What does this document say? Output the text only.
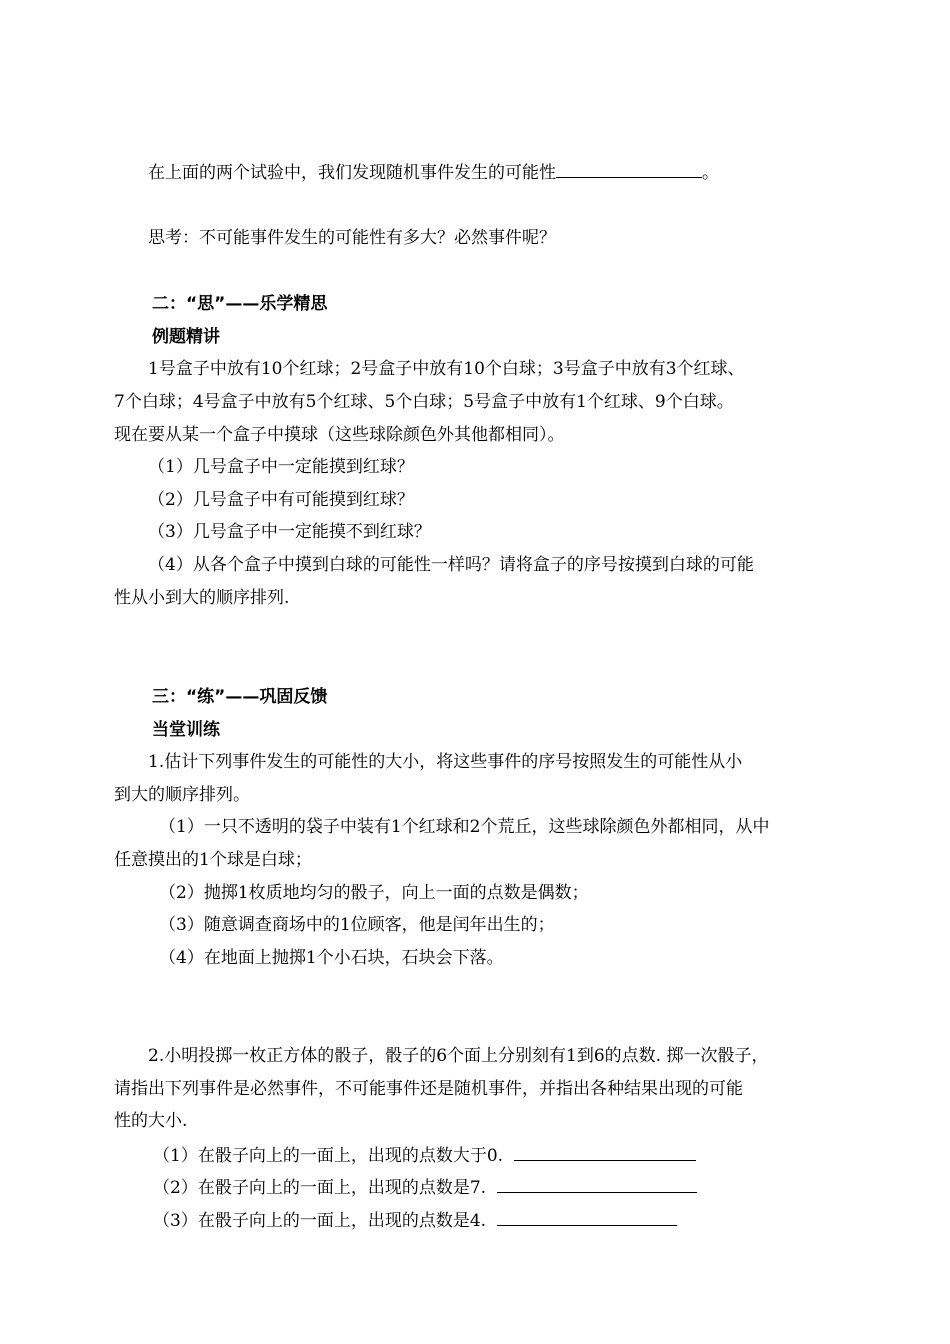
在上面的两个试验中，我们发现随机事件发生的可能性	。
思考：不可能事件发生的可能性有多大？必然事件呢？
二：“思”——乐学精思
例题精讲
1号盒子中放有10个红球；2号盒子中放有10个白球；3号盒子中放有3个红球、
7个白球；4号盒子中放有5个红球、5个白球；5号盒子中放有1个红球、9个白球。
现在要从某一个盒子中摸球（这些球除颜色外其他都相同）。
（1）几号盒子中一定能摸到红球？
（2）几号盒子中有可能摸到红球？
（3）几号盒子中一定能摸不到红球？
（4）从各个盒子中摸到白球的可能性一样吗？请将盒子的序号按摸到白球的可能
性从小到大的顺序排列.
三：“练”——巩固反馈
当堂训练
1.估计下列事件发生的可能性的大小，将这些事件的序号按照发生的可能性从小
到大的顺序排列。
（1）一只不透明的袋子中装有1个红球和2个荒丘，这些球除颜色外都相同，从中
任意摸出的1个球是白球；
（2）抛掷1枚质地均匀的骰子，向上一面的点数是偶数；
（3）随意调查商场中的1位顾客，他是闰年出生的；
（4）在地面上抛掷1个小石块，石块会下落。
2.小明投掷一枚正方体的骰子，骰子的6个面上分别刻有1到6的点数. 掷一次骰子，
请指出下列事件是必然事件，不可能事件还是随机事件，并指出各种结果出现的可能
性的大小.
（1）在骰子向上的一面上，出现的点数大于0.
（2）在骰子向上的一面上，出现的点数是7.
（3）在骰子向上的一面上，出现的点数是4.
